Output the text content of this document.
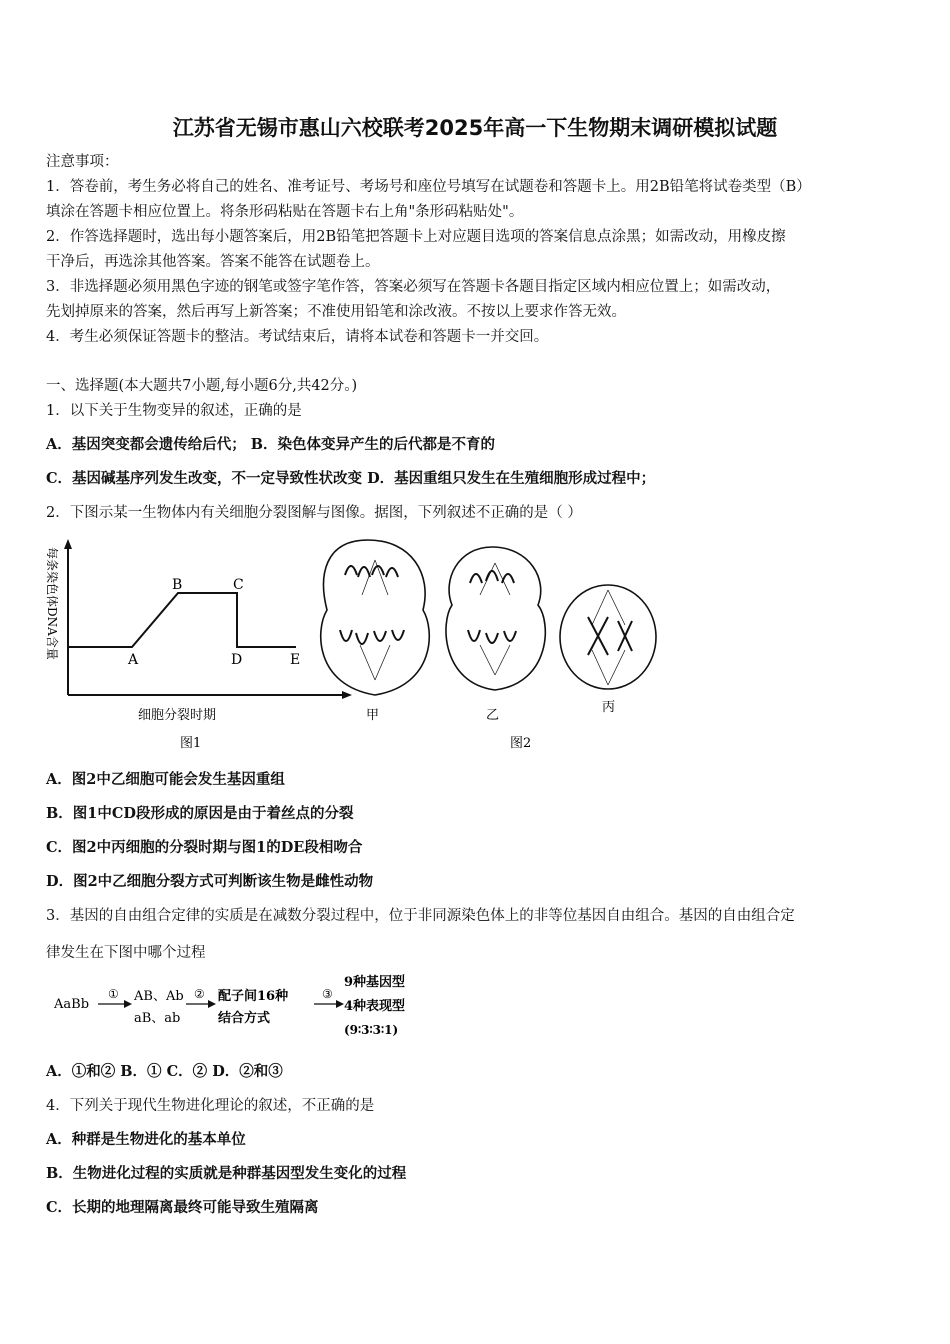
江苏省无锡市惠山六校联考2025年高一下生物期末调研模拟试题
注意事项：
1．答卷前，考生务必将自己的姓名、准考证号、考场号和座位号填写在试题卷和答题卡上。用2B铅笔将试卷类型（B）
填涂在答题卡相应位置上。将条形码粘贴在答题卡右上角"条形码粘贴处"。
2．作答选择题时，选出每小题答案后，用2B铅笔把答题卡上对应题目选项的答案信息点涂黑；如需改动，用橡皮擦
干净后，再选涂其他答案。答案不能答在试题卷上。
3．非选择题必须用黑色字迹的钢笔或签字笔作答，答案必须写在答题卡各题目指定区域内相应位置上；如需改动，
先划掉原来的答案，然后再写上新答案；不准使用铅笔和涂改液。不按以上要求作答无效。
4．考生必须保证答题卡的整洁。考试结束后，请将本试卷和答题卡一并交回。
一、选择题(本大题共7小题,每小题6分,共42分。)
1．以下关于生物变异的叙述，正确的是
A．基因突变都会遗传给后代； B．染色体变异产生的后代都是不育的
C．基因碱基序列发生改变，不一定导致性状改变 D．基因重组只发生在生殖细胞形成过程中；
2．下图示某一生物体内有关细胞分裂图解与图像。据图，下列叙述不正确的是（ ）
每条染色体DNA含量
A
B	C
D	E
细胞分裂时期
图1
甲	乙
丙
图2
A．图2中乙细胞可能会发生基因重组
B．图1中CD段形成的原因是由于着丝点的分裂
C．图2中丙细胞的分裂时期与图1的DE段相吻合
D．图2中乙细胞分裂方式可判断该生物是雌性动物
3．基因的自由组合定律的实质是在减数分裂过程中，位于非同源染色体上的非等位基因自由组合。基因的自由组合定
律发生在下图中哪个过程
AaBb
① AB、Ab
aB、ab
② 配子间16种
结合方式
③
9种基因型
4种表现型
(9∶3∶3∶1)
A．①和② B．① C．② D．②和③
4．下列关于现代生物进化理论的叙述，不正确的是
A．种群是生物进化的基本单位
B．生物进化过程的实质就是种群基因型发生变化的过程
C．长期的地理隔离最终可能导致生殖隔离
